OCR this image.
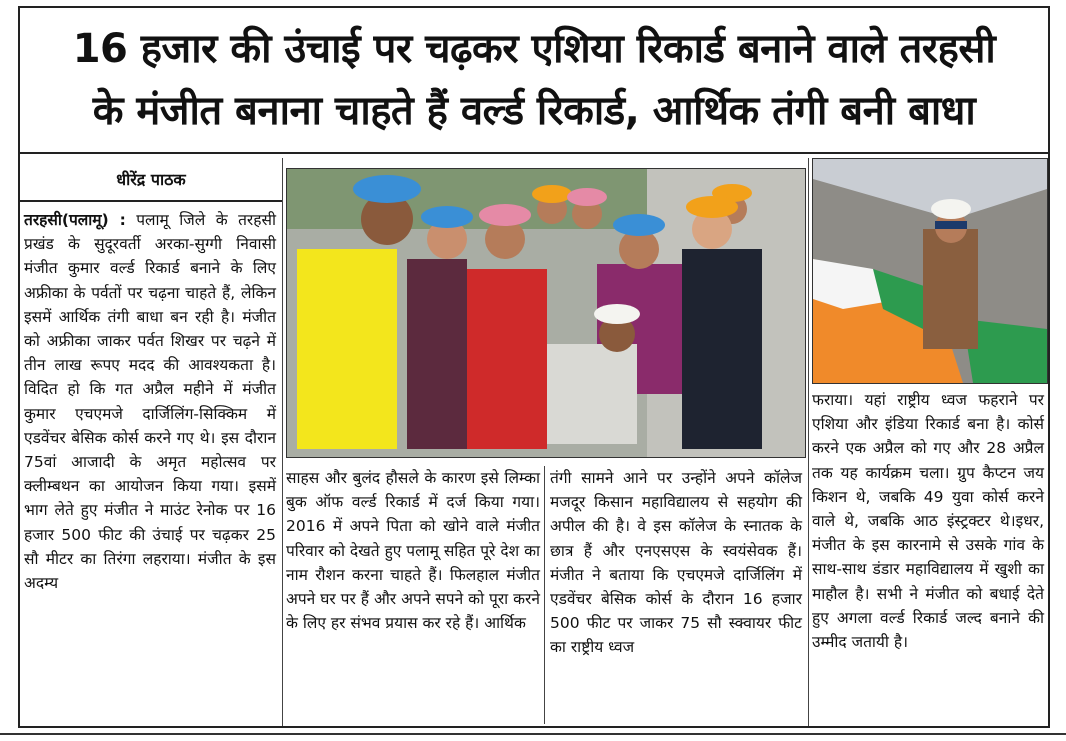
16 हजार की उंचाई पर चढ़कर एशिया रिकार्ड बनाने वाले तरहसी
के मंजीत बनाना चाहते हैं वर्ल्ड रिकार्ड, आर्थिक तंगी बनी बाधा
धीरेंद्र पाठक

तरहसी(पलामू) : पलामू जिले के तरहसी प्रखंड के सुदूरवर्ती अरका-सुग्गी निवासी मंजीत कुमार वर्ल्ड रिकार्ड बनाने के लिए अफ्रीका के पर्वतों पर चढ़ना चाहते हैं, लेकिन इसमें आर्थिक तंगी बाधा बन रही है। मंजीत को अफ्रीका जाकर पर्वत शिखर पर चढ़ने में तीन लाख रूपए मदद की आवश्यकता है। विदित हो कि गत अप्रैल महीने में मंजीत कुमार एचएमजे दार्जिलिंग-सिक्किम में एडवेंचर बेसिक कोर्स करने गए थे। इस दौरान 75वां आजादी के अमृत महोत्सव पर क्लीम्बथन का आयोजन किया गया। इसमें भाग लेते हुए मंजीत ने माउंट रेनोक पर 16 हजार 500 फीट की उंचाई पर चढ़कर 25 सौ मीटर का तिरंगा लहराया। मंजीत के इस अदम्य

साहस और बुलंद हौसले के कारण इसे लिम्का बुक ऑफ वर्ल्ड रिकार्ड में दर्ज किया गया। 2016 में अपने पिता को खोने वाले मंजीत परिवार को देखते हुए पलामू सहित पूरे देश का नाम रौशन करना चाहते हैं। फिलहाल मंजीत अपने घर पर हैं और अपने सपने को पूरा करने के लिए हर संभव प्रयास कर रहे हैं। आर्थिक

तंगी सामने आने पर उन्होंने अपने कॉलेज मजदूर किसान महाविद्यालय से सहयोग की अपील की है। वे इस कॉलेज के स्नातक के छात्र हैं और एनएसएस के स्वयंसेवक हैं।मंजीत ने बताया कि एचएमजे दार्जिलिंग में एडवेंचर बेसिक कोर्स के दौरान 16 हजार 500 फीट पर जाकर 75 सौ स्क्वायर फीट का राष्ट्रीय ध्वज

फराया। यहां राष्ट्रीय ध्वज फहराने पर एशिया और इंडिया रिकार्ड बना है। कोर्स करने एक अप्रैल को गए और 28 अप्रैल तक यह कार्यक्रम चला। ग्रुप कैप्टन जय किशन थे, जबकि 49 युवा कोर्स करने वाले थे, जबकि आठ इंस्ट्रक्टर थे।इधर, मंजीत के इस कारनामे से उसके गांव के साथ-साथ डंडार महाविद्यालय में खुशी का माहौल है। सभी ने मंजीत को बधाई देते हुए अगला वर्ल्ड रिकार्ड जल्द बनाने की उम्मीद जतायी है।
